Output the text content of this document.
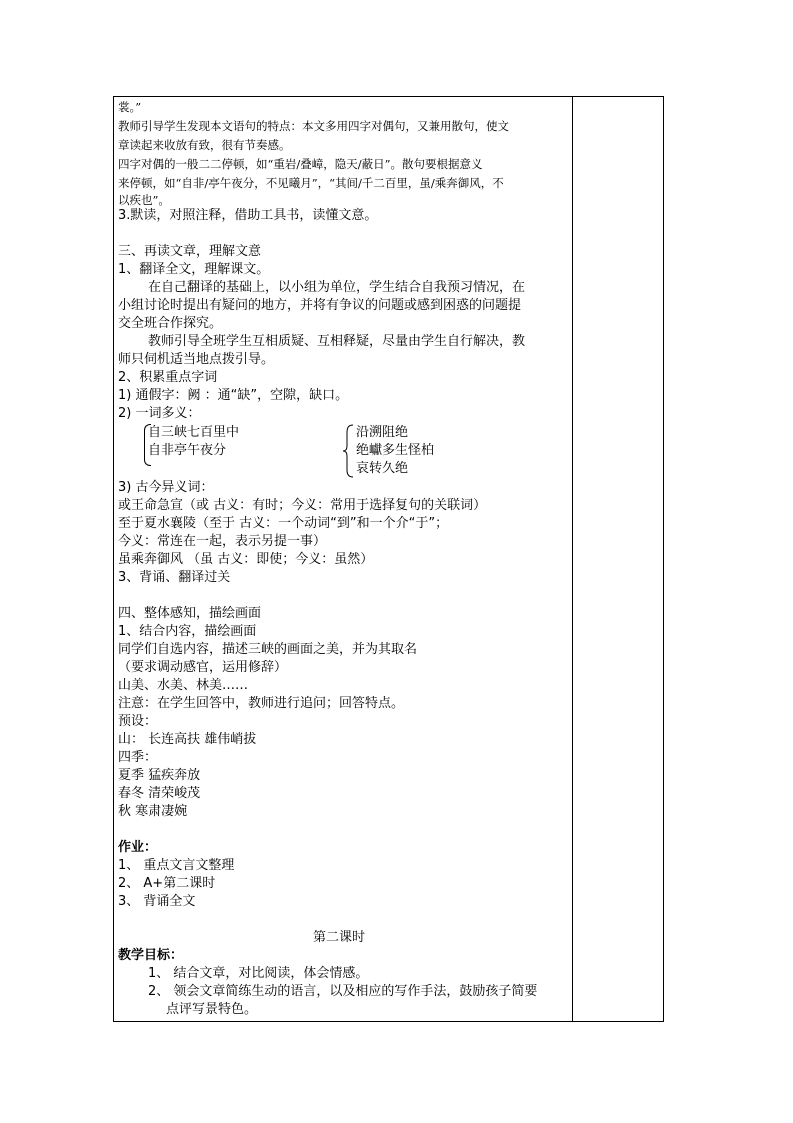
裳。”
教师引导学生发现本文语句的特点：本文多用四字对偶句，又兼用散句，使文
章读起来收放有致，很有节奏感。
四字对偶的一般二二停顿，如“重岩/叠嶂，隐天/蔽日”。散句要根据意义
来停顿，如“自非/亭午夜分，不见曦月”，“其间/千二百里，虽/乘奔御风，不
以疾也”。
3.默读，对照注释，借助工具书，读懂文意。
三、再读文章，理解文意
1、翻译全文，理解课文。
在自己翻译的基础上，以小组为单位，学生结合自我预习情况，在
小组讨论时提出有疑问的地方，并将有争议的问题或感到困惑的问题提
交全班合作探究。
教师引导全班学生互相质疑、互相释疑，尽量由学生自行解决，教
师只伺机适当地点拨引导。
2、积累重点字词
1) 通假字：阙 ：通“缺”，空隙，缺口。
2) 一词多义：
自三峡七百里中
自非亭午夜分
沿溯阻绝
绝巘多生怪柏
哀转久绝
3) 古今异义词：
或王命急宣（或 古义：有时；今义：常用于选择复句的关联词）
至于夏水襄陵（至于 古义：一个动词“到”和一个介“于”；
今义：常连在一起，表示另提一事）
虽乘奔御风 （虽 古义：即使；今义：虽然）
3、背诵、翻译过关
四、整体感知，描绘画面
1、结合内容，描绘画面
同学们自选内容，描述三峡的画面之美，并为其取名
（要求调动感官，运用修辞）
山美、水美、林美……
注意：在学生回答中，教师进行追问；回答特点。
预设：
山： 长连高扶 雄伟峭拔
四季：
夏季 猛疾奔放
春冬 清荣峻茂
秋 寒肃凄婉
作业：
1、 重点文言文整理
2、 A+第二课时
3、 背诵全文
第二课时
教学目标：
1、 结合文章，对比阅读，体会情感。
2、 领会文章简练生动的语言，以及相应的写作手法，鼓励孩子简要
点评写景特色。
